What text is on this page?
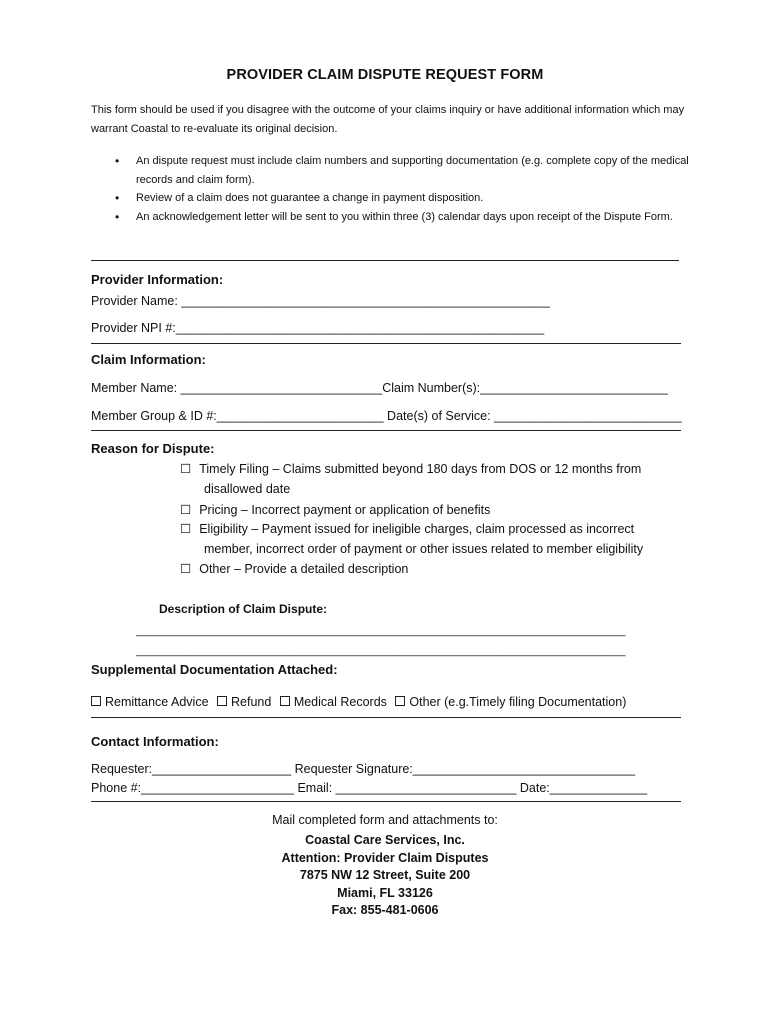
PROVIDER CLAIM DISPUTE REQUEST FORM
This form should be used if you disagree with the outcome of your claims inquiry or have additional information which may warrant Coastal to re-evaluate its original decision.
• An dispute request must include claim numbers and supporting documentation (e.g. complete copy of the medical records and claim form).
• Review of a claim does not guarantee a change in payment disposition.
• An acknowledgement letter will be sent to you within three (3) calendar days upon receipt of the Dispute Form.
Provider Information:
Provider Name: _____________________________________________________
Provider NPI #:_____________________________________________________
Claim Information:
Member Name: _____________________________Claim Number(s):___________________________
Member Group & ID #:________________________ Date(s) of Service: ___________________________
Reason for Dispute:
☐ Timely Filing – Claims submitted beyond 180 days from DOS or 12 months from
disallowed date
☐ Pricing – Incorrect payment or application of benefits
☐ Eligibility – Payment issued for ineligible charges, claim processed as incorrect
member, incorrect order of payment or other issues related to member eligibility
☐ Other – Provide a detailed description
Description of Claim Dispute:
________________________________________________________________________________
________________________________________________________________________________
Supplemental Documentation Attached:
Remittance Advice Refund Medical Records Other (e.g.Timely filing Documentation)
Contact Information:
Requester:____________________ Requester Signature:________________________________
Phone #:______________________ Email: __________________________ Date:______________
Mail completed form and attachments to:
Coastal Care Services, Inc.
Attention: Provider Claim Disputes
7875 NW 12 Street, Suite 200
Miami, FL 33126
Fax: 855-481-0606
